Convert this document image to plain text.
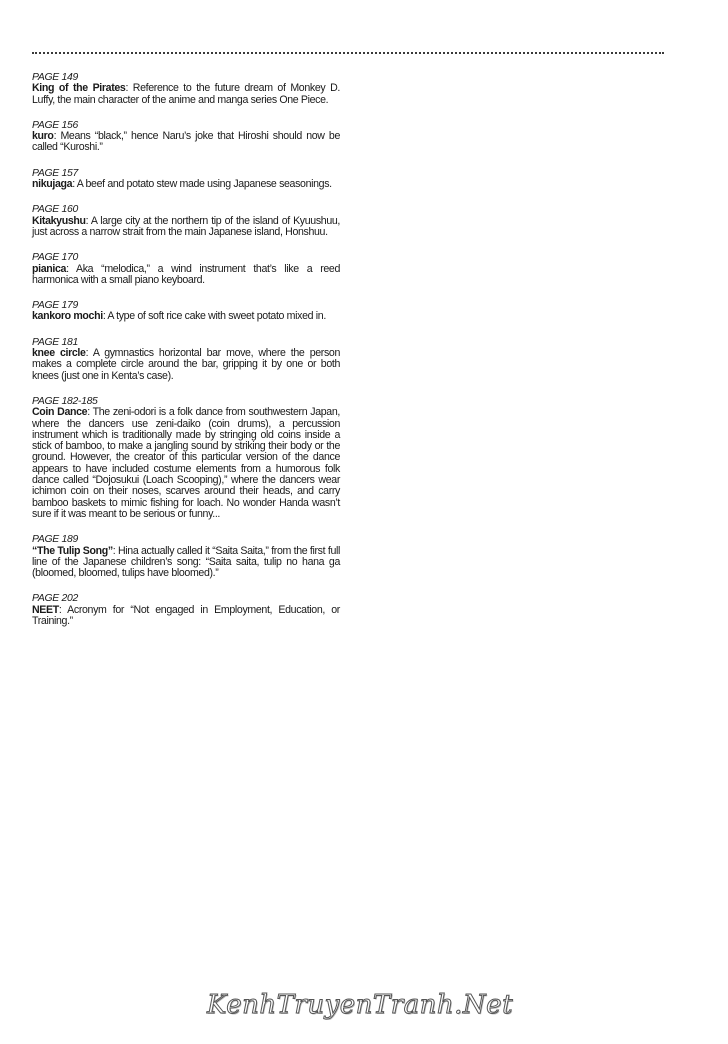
PAGE 149
King of the Pirates: Reference to the future dream of Monkey D. Luffy, the main character of the anime and manga series One Piece.
PAGE 156
kuro: Means “black,” hence Naru’s joke that Hiroshi should now be called “Kuroshi.”
PAGE 157
nikujaga: A beef and potato stew made using Japanese seasonings.
PAGE 160
Kitakyushu: A large city at the northern tip of the island of Kyuushuu, just across a narrow strait from the main Japanese island, Honshuu.
PAGE 170
pianica: Aka “melodica,” a wind instrument that’s like a reed harmonica with a small piano keyboard.
PAGE 179
kankoro mochi: A type of soft rice cake with sweet potato mixed in.
PAGE 181
knee circle: A gymnastics horizontal bar move, where the person makes a complete circle around the bar, gripping it by one or both knees (just one in Kenta’s case).
PAGE 182-185
Coin Dance: The zeni-odori is a folk dance from southwestern Japan, where the dancers use zeni-daiko (coin drums), a percussion instrument which is traditionally made by stringing old coins inside a stick of bamboo, to make a jangling sound by striking their body or the ground. However, the creator of this particular version of the dance appears to have included costume elements from a humorous folk dance called “Dojosukui (Loach Scooping),” where the dancers wear ichimon coin on their noses, scarves around their heads, and carry bamboo baskets to mimic fishing for loach. No wonder Handa wasn’t sure if it was meant to be serious or funny...
PAGE 189
“The Tulip Song”: Hina actually called it “Saita Saita,” from the first full line of the Japanese children’s song: “Saita saita, tulip no hana ga (bloomed, bloomed, tulips have bloomed).”
PAGE 202
NEET: Acronym for “Not engaged in Employment, Education, or Training.”
KenhTruyenTranh.Net
